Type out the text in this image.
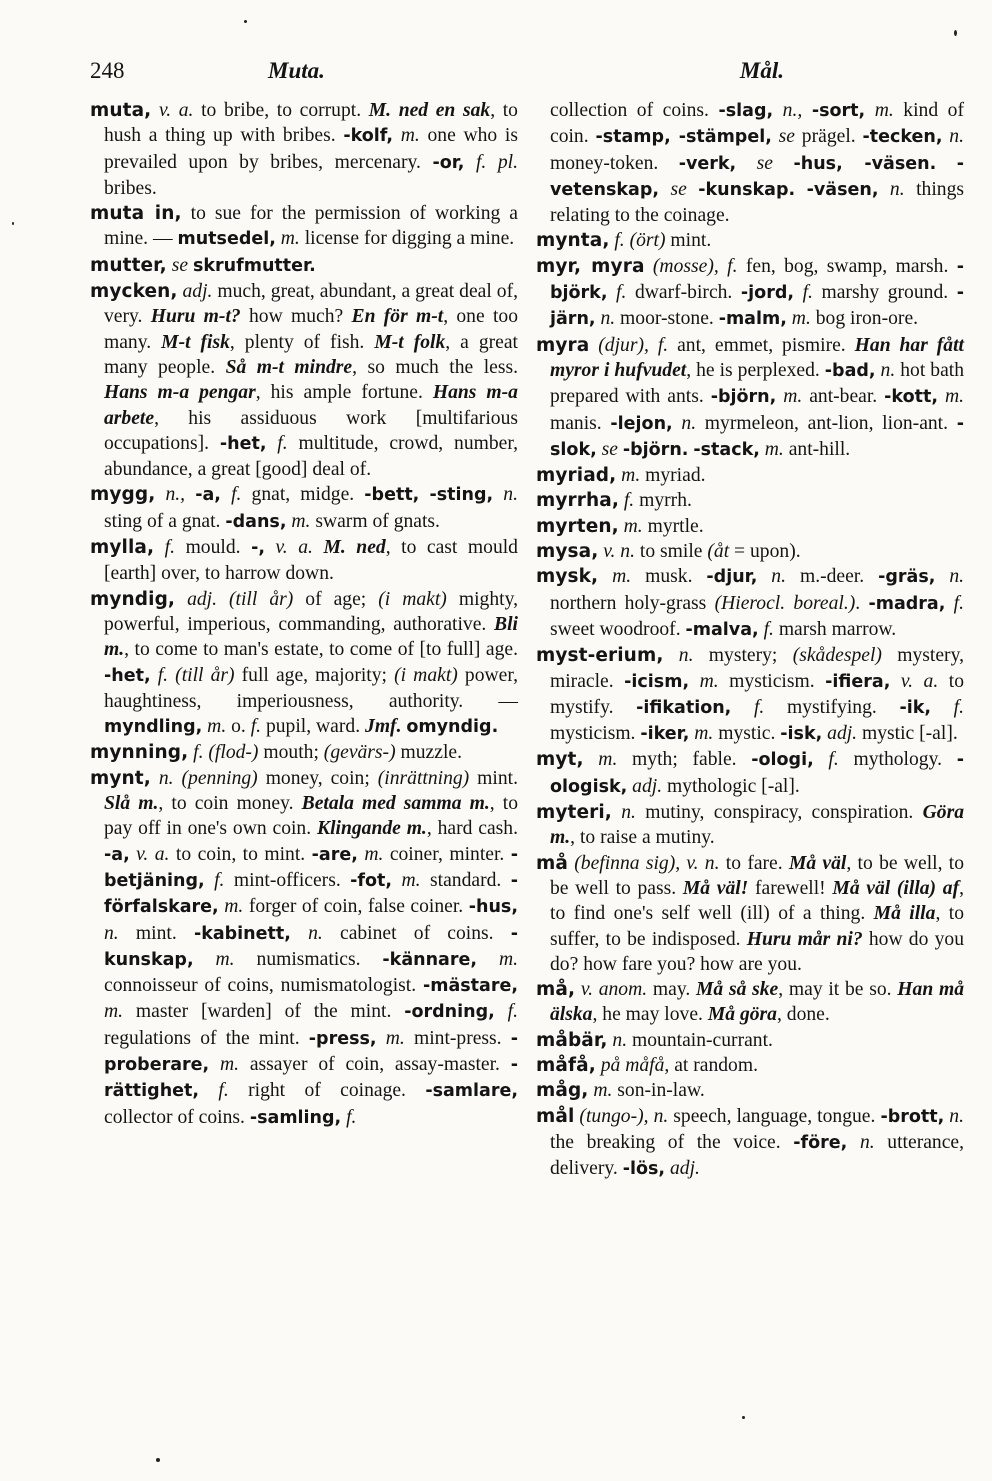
248	Muta.	Mål.

muta, v. a. to bribe, to corrupt. M. ned en sak, to hush a thing up with bribes. -kolf, m. one who is prevailed upon by bribes, mercenary. -or, f. pl. bribes.

muta in, to sue for the permission of working a mine. — mutsedel, m. license for digging a mine.

mutter, se skrufmutter.

mycken, adj. much, great, abundant, a great deal of, very. Huru m-t? how much? En för m-t, one too many. M-t fisk, plenty of fish. M-t folk, a great many people. Så m-t mindre, so much the less. Hans m-a pengar, his ample fortune. Hans m-a arbete, his assiduous work [multifarious occupations]. -het, f. multitude, crowd, number, abundance, a great [good] deal of.

mygg, n., -a, f. gnat, midge. -bett, -sting, n. sting of a gnat. -dans, m. swarm of gnats.

mylla, f. mould. -, v. a. M. ned, to cast mould [earth] over, to harrow down.

myndig, adj. (till år) of age; (i makt) mighty, powerful, imperious, commanding, authorative. Bli m., to come to man's estate, to come of [to full] age. -het, f. (till år) full age, majority; (i makt) power, haughtiness, imperiousness, authority. — myndling, m. o. f. pupil, ward. Jmf. omyndig.

mynning, f. (flod-) mouth; (gevärs-) muzzle.

mynt, n. (penning) money, coin; (inrättning) mint. Slå m., to coin money. Betala med samma m., to pay off in one's own coin. Klingande m., hard cash. -a, v. a. to coin, to mint. -are, m. coiner, minter. -betjäning, f. mint-officers. -fot, m. standard. -förfalskare, m. forger of coin, false coiner. -hus, n. mint. -kabinett, n. cabinet of coins. -kunskap, m. numismatics. -kännare, m. connoisseur of coins, numismatologist. -mästare, m. master [warden] of the mint. -ordning, f. regulations of the mint. -press, m. mint-press. -proberare, m. assayer of coin, assay-master. -rättighet, f. right of coinage. -samlare, collector of coins. -samling, f.

collection of coins. -slag, n., -sort, m. kind of coin. -stamp, -stämpel, se prägel. -tecken, n. money-token. -verk, se -hus, -väsen. -vetenskap, se -kunskap. -väsen, n. things relating to the coinage.

mynta, f. (ört) mint.

myr, myra (mosse), f. fen, bog, swamp, marsh. -björk, f. dwarf-birch. -jord, f. marshy ground. -järn, n. moor-stone. -malm, m. bog iron-ore.

myra (djur), f. ant, emmet, pismire. Han har fått myror i hufvudet, he is perplexed. -bad, n. hot bath prepared with ants. -björn, m. ant-bear. -kott, m. manis. -lejon, n. myrmeleon, ant-lion, lion-ant. -slok, se -björn. -stack, m. ant-hill.

myriad, m. myriad.

myrrha, f. myrrh.

myrten, m. myrtle.

mysa, v. n. to smile (åt = upon).

mysk, m. musk. -djur, n. m.-deer. -gräs, n. northern holy-grass (Hierocl. boreal.). -madra, f. sweet woodroof. -malva, f. marsh marrow.

myst-erium, n. mystery; (skådespel) mystery, miracle. -icism, m. mysticism. -ifiera, v. a. to mystify. -ifikation, f. mystifying. -ik, f. mysticism. -iker, m. mystic. -isk, adj. mystic [-al].

myt, m. myth; fable. -ologi, f. mythology. -ologisk, adj. mythologic [-al].

myteri, n. mutiny, conspiracy, conspiration. Göra m., to raise a mutiny.

må (befinna sig), v. n. to fare. Må väl, to be well, to be well to pass. Må väl! farewell! Må väl (illa) af, to find one's self well (ill) of a thing. Må illa, to suffer, to be indisposed. Huru mår ni? how do you do? how fare you? how are you.

må, v. anom. may. Må så ske, may it be so. Han må älska, he may love. Må göra, done.

måbär, n. mountain-currant.

måfå, på måfå, at random.

måg, m. son-in-law.

mål (tungo-), n. speech, language, tongue. -brott, n. the breaking of the voice. -före, n. utterance, delivery. -lös, adj.
